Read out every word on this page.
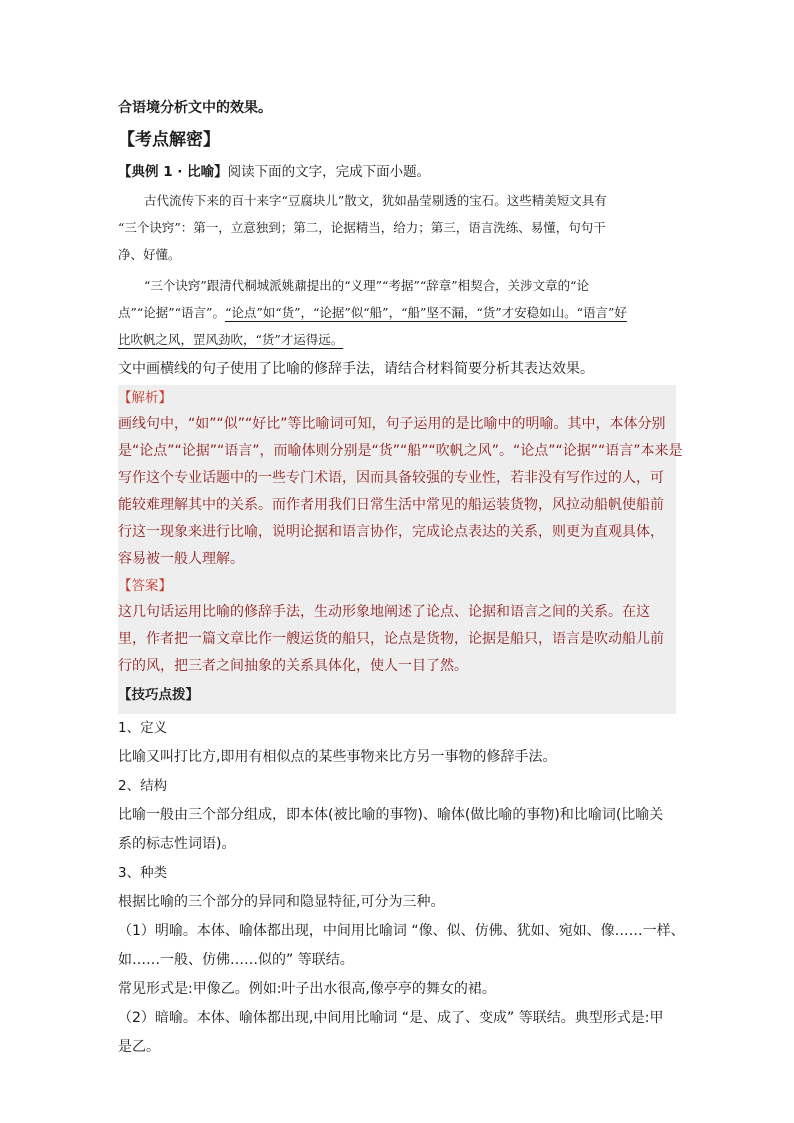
合语境分析文中的效果。
【考点解密】
【典例 1 · 比喻】阅读下面的文字，完成下面小题。
古代流传下来的百十来字“豆腐块儿”散文，犹如晶莹剔透的宝石。这些精美短文具有
“三个诀窍”：第一，立意独到；第二，论据精当，给力；第三，语言洗练、易懂，句句干
净、好懂。
“三个诀窍”跟清代桐城派姚鼐提出的“义理”“考据”“辞章”相契合，关涉文章的“论
点”“论据”“语言”。“论点”如“货”，“论据”似“船”，“船”坚不漏，“货”才安稳如山。“语言”好
比吹帆之风，罡风劲吹，“货”才运得远。
文中画横线的句子使用了比喻的修辞手法，请结合材料简要分析其表达效果。
【解析】
画线句中，“如”“似”“好比”等比喻词可知，句子运用的是比喻中的明喻。其中，本体分别
是“论点”“论据”“语言”，而喻体则分别是“货”“船”“吹帆之风”。“论点”“论据”“语言”本来是
写作这个专业话题中的一些专门术语，因而具备较强的专业性，若非没有写作过的人，可
能较难理解其中的关系。而作者用我们日常生活中常见的船运装货物，风拉动船帆使船前
行这一现象来进行比喻，说明论据和语言协作，完成论点表达的关系，则更为直观具体，
容易被一般人理解。
【答案】
这几句话运用比喻的修辞手法，生动形象地阐述了论点、论据和语言之间的关系。在这
里，作者把一篇文章比作一艘运货的船只，论点是货物，论据是船只，语言是吹动船儿前
行的风，把三者之间抽象的关系具体化，使人一目了然。
【技巧点拨】
1、定义
比喻又叫打比方,即用有相似点的某些事物来比方另一事物的修辞手法。
2、结构
比喻一般由三个部分组成，即本体(被比喻的事物)、喻体(做比喻的事物)和比喻词(比喻关
系的标志性词语)。
3、种类
根据比喻的三个部分的异同和隐显特征,可分为三种。
（1）明喻。本体、喻体都出现，中间用比喻词 “像、似、仿佛、犹如、宛如、像……一样、
如……一般、仿佛……似的” 等联结。
常见形式是:甲像乙。例如:叶子出水很高,像亭亭的舞女的裙。
（2）暗喻。本体、喻体都出现,中间用比喻词 “是、成了、变成” 等联结。典型形式是:甲
是乙。
